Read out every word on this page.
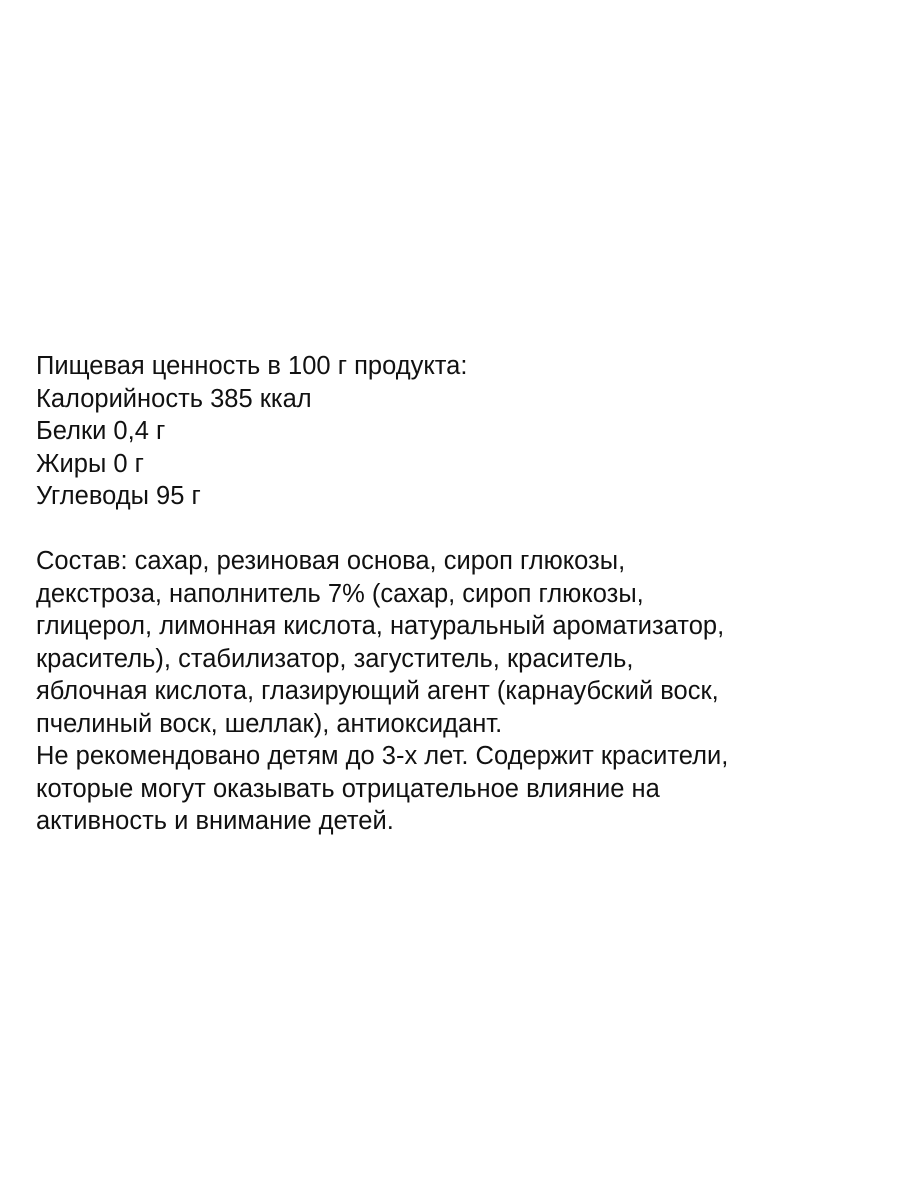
Пищевая ценность в 100 г продукта:
Калорийность 385 ккал
Белки 0,4 г
Жиры 0 г
Углеводы 95 г
Состав: сахар, резиновая основа, сироп глюкозы,
декстроза, наполнитель 7% (сахар, сироп глюкозы,
глицерол, лимонная кислота, натуральный ароматизатор,
краситель), стабилизатор, загуститель, краситель,
яблочная кислота, глазирующий агент (карнаубский воск,
пчелиный воск, шеллак), антиоксидант.
Не рекомендовано детям до 3-х лет. Содержит красители,
которые могут оказывать отрицательное влияние на
активность и внимание детей.
